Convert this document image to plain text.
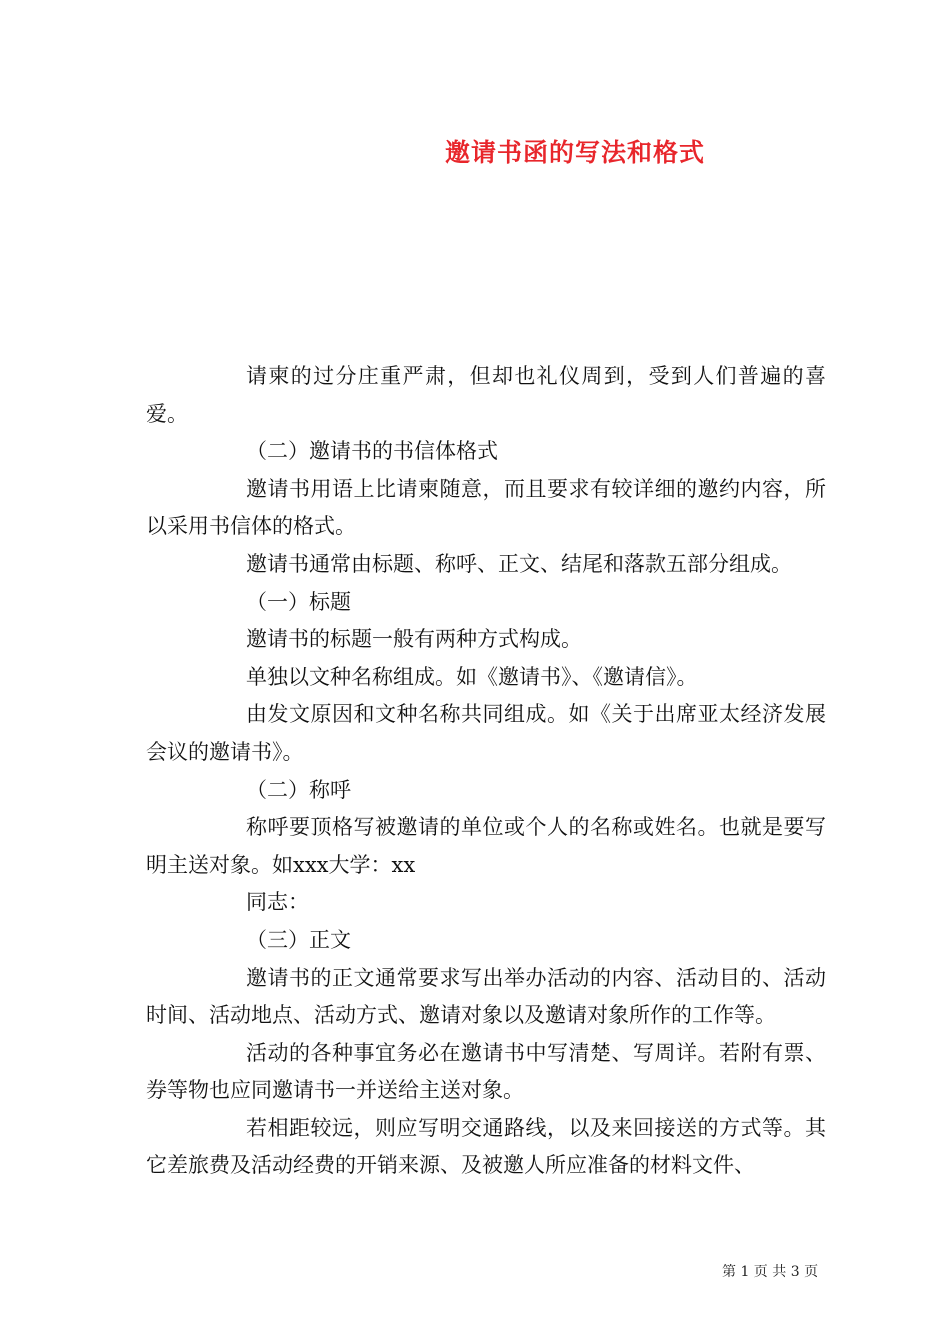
邀请书函的写法和格式

请柬的过分庄重严肃，但却也礼仪周到，受到人们普遍的喜爱。

（二）邀请书的书信体格式

邀请书用语上比请柬随意，而且要求有较详细的邀约内容，所以采用书信体的格式。

邀请书通常由标题、称呼、正文、结尾和落款五部分组成。

（一）标题

邀请书的标题一般有两种方式构成。

单独以文种名称组成。如《邀请书》、《邀请信》。

由发文原因和文种名称共同组成。如《关于出席亚太经济发展会议的邀请书》。

（二）称呼

称呼要顶格写被邀请的单位或个人的名称或姓名。也就是要写明主送对象。如xxx大学：xx

同志：

（三）正文

邀请书的正文通常要求写出举办活动的内容、活动目的、活动时间、活动地点、活动方式、邀请对象以及邀请对象所作的工作等。

活动的各种事宜务必在邀请书中写清楚、写周详。若附有票、券等物也应同邀请书一并送给主送对象。

若相距较远，则应写明交通路线，以及来回接送的方式等。其它差旅费及活动经费的开销来源、及被邀人所应准备的材料文件、

第 1 页 共 3 页
